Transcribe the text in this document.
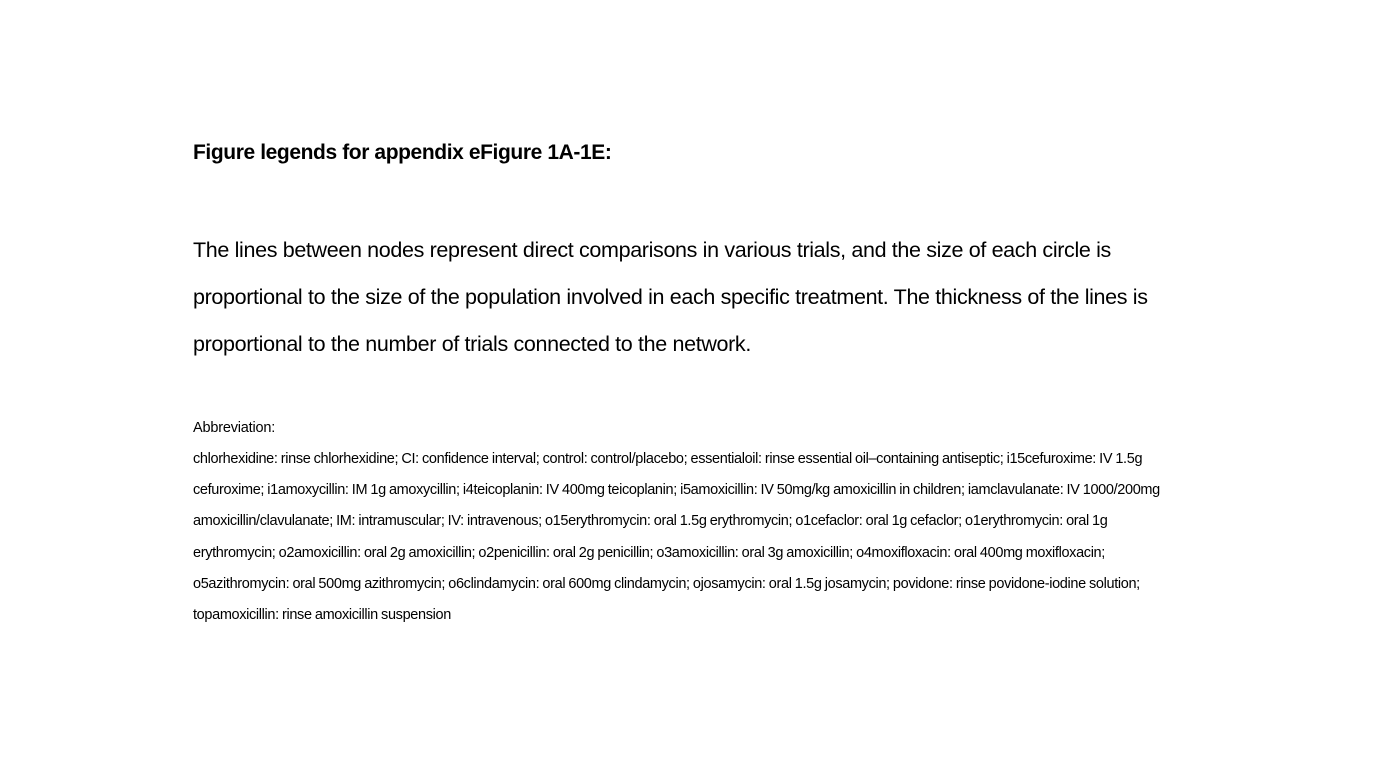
Figure legends for appendix eFigure 1A-1E:

The lines between nodes represent direct comparisons in various trials, and the size of each circle is proportional to the size of the population involved in each specific treatment. The thickness of the lines is proportional to the number of trials connected to the network.

Abbreviation:

chlorhexidine: rinse chlorhexidine; CI: confidence interval; control: control/placebo; essentialoil: rinse essential oil–containing antiseptic; i15cefuroxime: IV 1.5g cefuroxime; i1amoxycillin: IM 1g amoxycillin; i4teicoplanin: IV 400mg teicoplanin; i5amoxicillin: IV 50mg/kg amoxicillin in children; iamclavulanate: IV 1000/200mg amoxicillin/clavulanate; IM: intramuscular; IV: intravenous; o15erythromycin: oral 1.5g erythromycin; o1cefaclor: oral 1g cefaclor; o1erythromycin: oral 1g erythromycin; o2amoxicillin: oral 2g amoxicillin; o2penicillin: oral 2g penicillin; o3amoxicillin: oral 3g amoxicillin; o4moxifloxacin: oral 400mg moxifloxacin; o5azithromycin: oral 500mg azithromycin; o6clindamycin: oral 600mg clindamycin; ojosamycin: oral 1.5g josamycin; povidone: rinse povidone-iodine solution; topamoxicillin: rinse amoxicillin suspension
